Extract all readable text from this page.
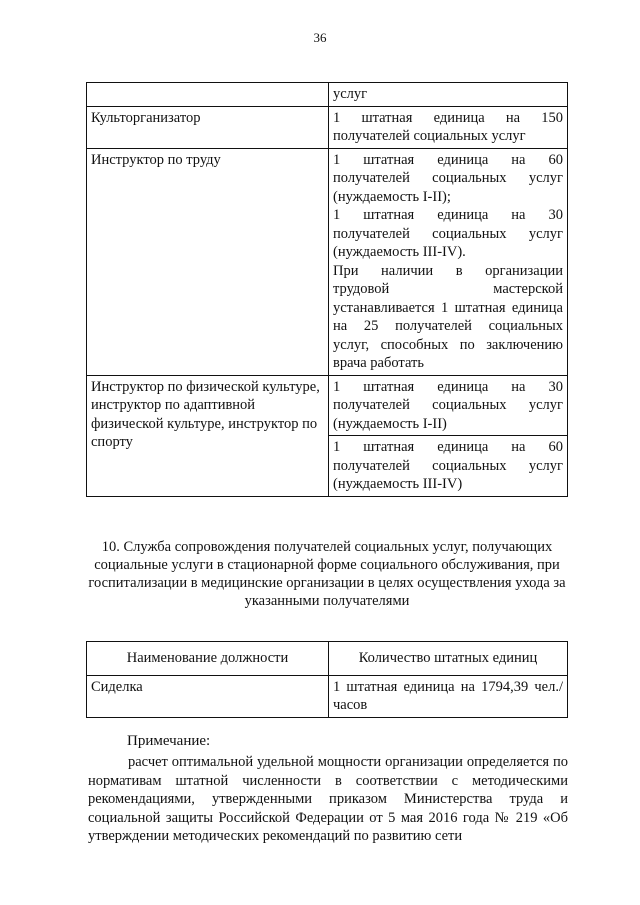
36
	услуг
Культорганизатор	1 штатная единица на 150 получателей социальных услуг
Инструктор по труду	1 штатная единица на 60 получателей социальных услуг (нуждаемость I-II);
1 штатная единица на 30 получателей социальных услуг (нуждаемость III-IV).
При наличии в организации трудовой мастерской устанавливается 1 штатная единица на 25 получателей социальных услуг, способных по заключению врача работать
Инструктор по физической культуре, инструктор по адаптивной физической культуре, инструктор по спорту	1 штатная единица на 30 получателей социальных услуг (нуждаемость I-II)
	1 штатная единица на 60 получателей социальных услуг (нуждаемость III-IV)
10. Служба сопровождения получателей социальных услуг, получающих социальные услуги в стационарной форме социального обслуживания, при госпитализации в медицинские организации в целях осуществления ухода за указанными получателями
Наименование должности	Количество штатных единиц
Сиделка	1 штатная единица на 1794,39 чел./часов
Примечание:
расчет оптимальной удельной мощности организации определяется по нормативам штатной численности в соответствии с методическими рекомендациями, утвержденными приказом Министерства труда и социальной защиты Российской Федерации от 5 мая 2016 года № 219 «Об утверждении методических рекомендаций по развитию сети
